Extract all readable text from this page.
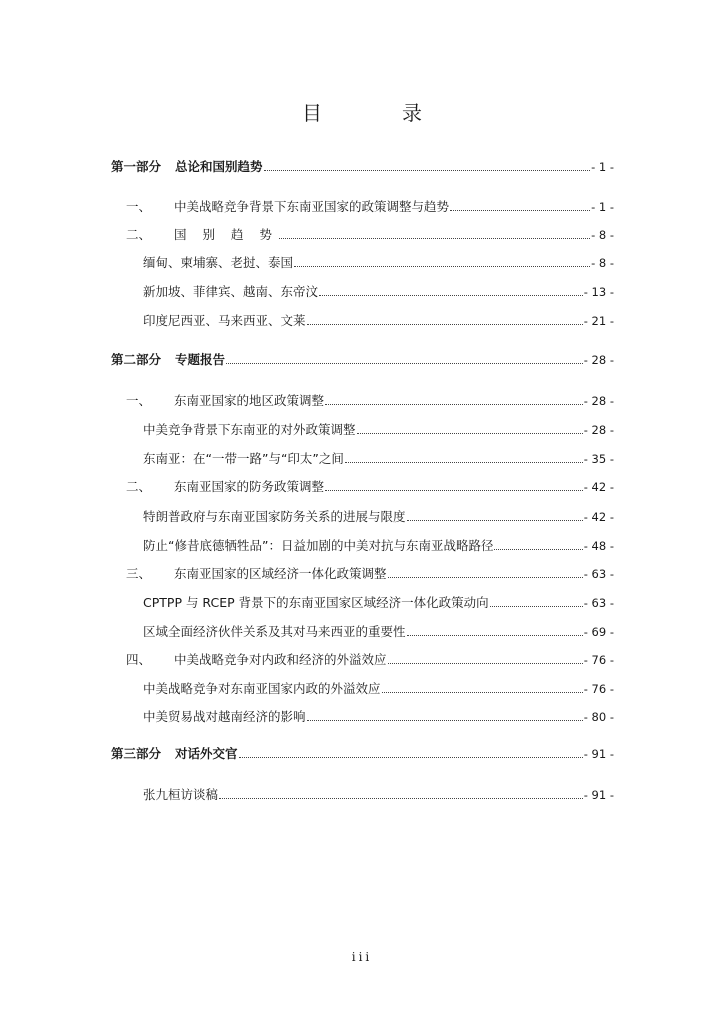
目　录
第一部分 总论和国别趋势	- 1 -
一、	中美战略竞争背景下东南亚国家的政策调整与趋势	- 1 -
二、	国 别 趋 势	- 8 -
缅甸、柬埔寨、老挝、泰国	- 8 -
新加坡、菲律宾、越南、东帝汶	- 13 -
印度尼西亚、马来西亚、文莱	- 21 -
第二部分 专题报告	- 28 -
一、	东南亚国家的地区政策调整	- 28 -
中美竞争背景下东南亚的对外政策调整	- 28 -
东南亚：在“一带一路”与“印太”之间	- 35 -
二、	东南亚国家的防务政策调整	- 42 -
特朗普政府与东南亚国家防务关系的进展与限度	- 42 -
防止“修昔底德牺牲品”：日益加剧的中美对抗与东南亚战略路径	- 48 -
三、	东南亚国家的区域经济一体化政策调整	- 63 -
CPTPP 与 RCEP 背景下的东南亚国家区域经济一体化政策动向	- 63 -
区域全面经济伙伴关系及其对马来西亚的重要性	- 69 -
四、	中美战略竞争对内政和经济的外溢效应	- 76 -
中美战略竞争对东南亚国家内政的外溢效应	- 76 -
中美贸易战对越南经济的影响	- 80 -
第三部分 对话外交官	- 91 -
张九桓访谈稿	- 91 -
iii
